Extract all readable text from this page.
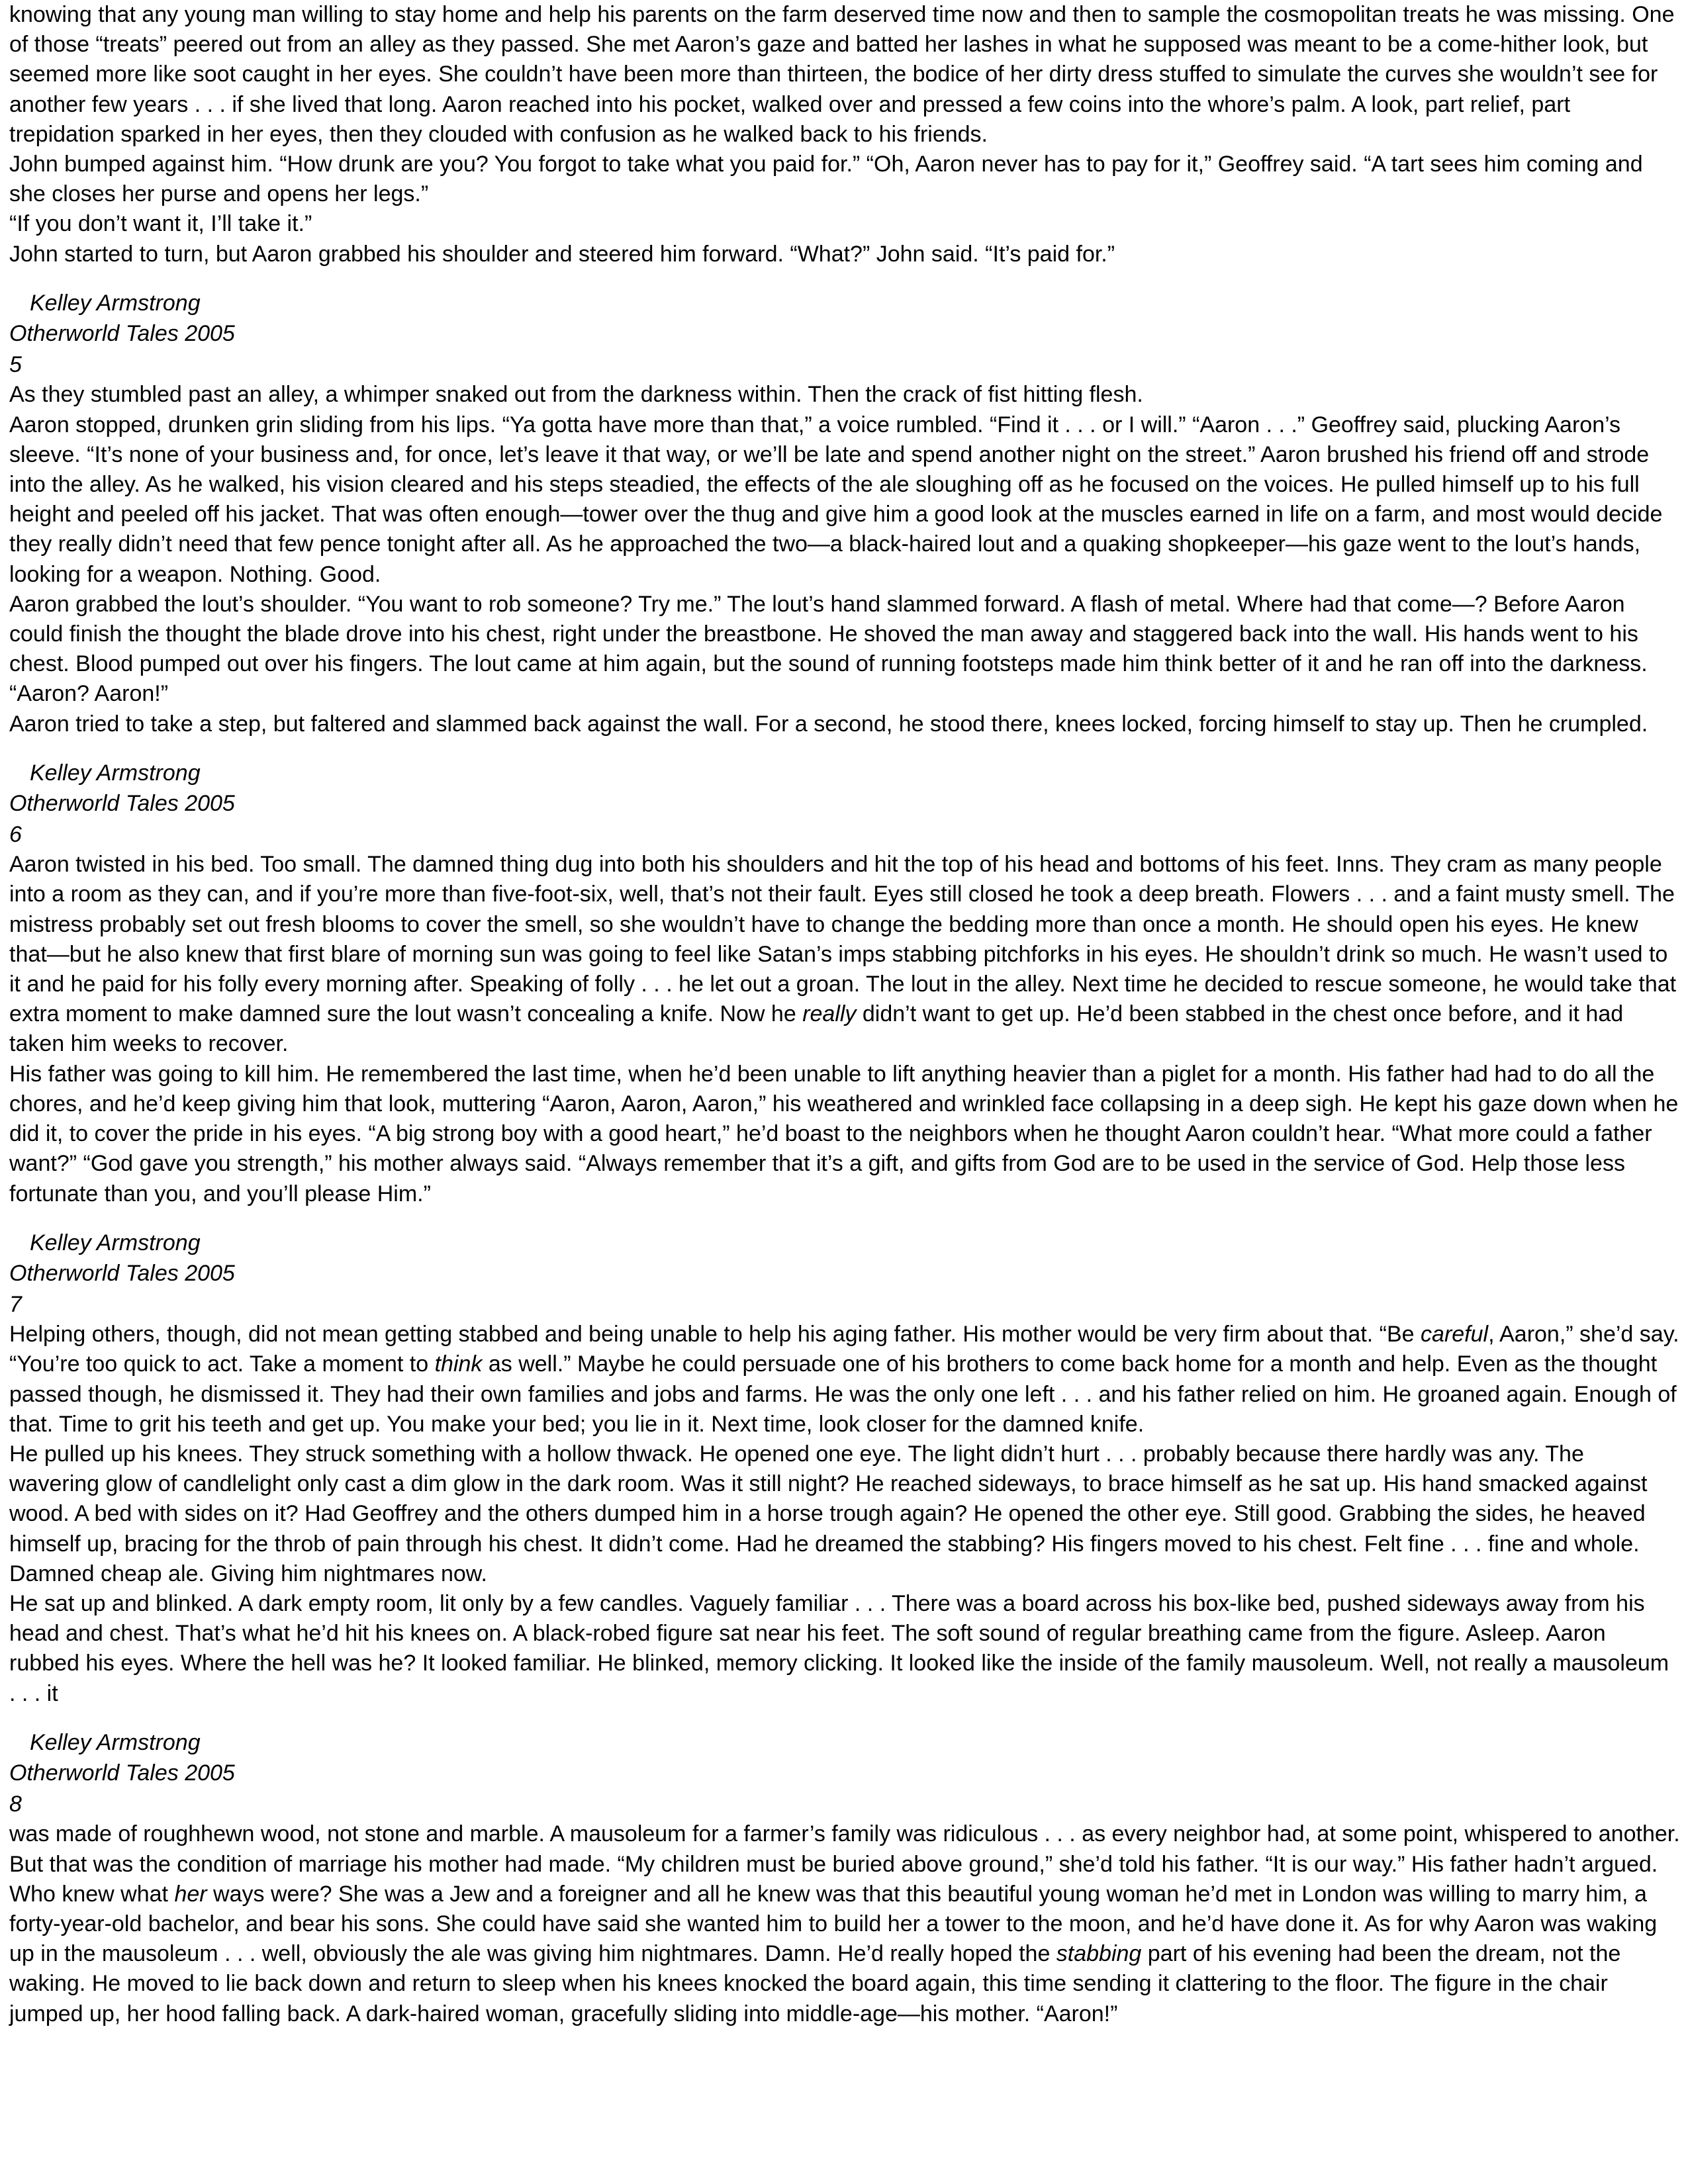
knowing that any young man willing to stay home and help his parents on the farm deserved time now and then to sample the cosmopolitan treats he was missing. One of those “treats” peered out from an alley as they passed. She met Aaron’s gaze and batted her lashes in what he supposed was meant to be a come-hither look, but seemed more like soot caught in her eyes. She couldn’t have been more than thirteen, the bodice of her dirty dress stuffed to simulate the curves she wouldn’t see for another few years . . . if she lived that long. Aaron reached into his pocket, walked over and pressed a few coins into the whore’s palm. A look, part relief, part trepidation sparked in her eyes, then they clouded with confusion as he walked back to his friends.
John bumped against him. “How drunk are you? You forgot to take what you paid for.” “Oh, Aaron never has to pay for it,” Geoffrey said. “A tart sees him coming and she closes her purse and opens her legs.”
“If you don’t want it, I’ll take it.”
John started to turn, but Aaron grabbed his shoulder and steered him forward. “What?” John said. “It’s paid for.”
Kelley Armstrong
Otherworld Tales 2005
5
As they stumbled past an alley, a whimper snaked out from the darkness within. Then the crack of fist hitting flesh.
Aaron stopped, drunken grin sliding from his lips. “Ya gotta have more than that,” a voice rumbled. “Find it . . . or I will.” “Aaron . . .” Geoffrey said, plucking Aaron’s sleeve. “It’s none of your business and, for once, let’s leave it that way, or we’ll be late and spend another night on the street.” Aaron brushed his friend off and strode into the alley. As he walked, his vision cleared and his steps steadied, the effects of the ale sloughing off as he focused on the voices. He pulled himself up to his full height and peeled off his jacket. That was often enough—tower over the thug and give him a good look at the muscles earned in life on a farm, and most would decide they really didn’t need that few pence tonight after all. As he approached the two—a black-haired lout and a quaking shopkeeper—his gaze went to the lout’s hands, looking for a weapon. Nothing. Good.
Aaron grabbed the lout’s shoulder. “You want to rob someone? Try me.” The lout’s hand slammed forward. A flash of metal. Where had that come—? Before Aaron could finish the thought the blade drove into his chest, right under the breastbone. He shoved the man away and staggered back into the wall. His hands went to his chest. Blood pumped out over his fingers. The lout came at him again, but the sound of running footsteps made him think better of it and he ran off into the darkness. “Aaron? Aaron!”
Aaron tried to take a step, but faltered and slammed back against the wall. For a second, he stood there, knees locked, forcing himself to stay up. Then he crumpled.
Kelley Armstrong
Otherworld Tales 2005
6
Aaron twisted in his bed. Too small. The damned thing dug into both his shoulders and hit the top of his head and bottoms of his feet. Inns. They cram as many people into a room as they can, and if you’re more than five-foot-six, well, that’s not their fault. Eyes still closed he took a deep breath. Flowers . . . and a faint musty smell. The mistress probably set out fresh blooms to cover the smell, so she wouldn’t have to change the bedding more than once a month. He should open his eyes. He knew that—but he also knew that first blare of morning sun was going to feel like Satan’s imps stabbing pitchforks in his eyes. He shouldn’t drink so much. He wasn’t used to it and he paid for his folly every morning after. Speaking of folly . . . he let out a groan. The lout in the alley. Next time he decided to rescue someone, he would take that extra moment to make damned sure the lout wasn’t concealing a knife. Now he really didn’t want to get up. He’d been stabbed in the chest once before, and it had taken him weeks to recover.
His father was going to kill him. He remembered the last time, when he’d been unable to lift anything heavier than a piglet for a month. His father had had to do all the chores, and he’d keep giving him that look, muttering “Aaron, Aaron, Aaron,” his weathered and wrinkled face collapsing in a deep sigh. He kept his gaze down when he did it, to cover the pride in his eyes. “A big strong boy with a good heart,” he’d boast to the neighbors when he thought Aaron couldn’t hear. “What more could a father want?” “God gave you strength,” his mother always said. “Always remember that it’s a gift, and gifts from God are to be used in the service of God. Help those less fortunate than you, and you’ll please Him.”
Kelley Armstrong
Otherworld Tales 2005
7
Helping others, though, did not mean getting stabbed and being unable to help his aging father. His mother would be very firm about that. “Be careful, Aaron,” she’d say. “You’re too quick to act. Take a moment to think as well.” Maybe he could persuade one of his brothers to come back home for a month and help. Even as the thought passed though, he dismissed it. They had their own families and jobs and farms. He was the only one left . . . and his father relied on him. He groaned again. Enough of that. Time to grit his teeth and get up. You make your bed; you lie in it. Next time, look closer for the damned knife.
He pulled up his knees. They struck something with a hollow thwack. He opened one eye. The light didn’t hurt . . . probably because there hardly was any. The wavering glow of candlelight only cast a dim glow in the dark room. Was it still night? He reached sideways, to brace himself as he sat up. His hand smacked against wood. A bed with sides on it? Had Geoffrey and the others dumped him in a horse trough again? He opened the other eye. Still good. Grabbing the sides, he heaved himself up, bracing for the throb of pain through his chest. It didn’t come. Had he dreamed the stabbing? His fingers moved to his chest. Felt fine . . . fine and whole. Damned cheap ale. Giving him nightmares now.
He sat up and blinked. A dark empty room, lit only by a few candles. Vaguely familiar . . . There was a board across his box-like bed, pushed sideways away from his head and chest. That’s what he’d hit his knees on. A black-robed figure sat near his feet. The soft sound of regular breathing came from the figure. Asleep. Aaron rubbed his eyes. Where the hell was he? It looked familiar. He blinked, memory clicking. It looked like the inside of the family mausoleum. Well, not really a mausoleum . . . it
Kelley Armstrong
Otherworld Tales 2005
8
was made of roughhewn wood, not stone and marble. A mausoleum for a farmer’s family was ridiculous . . . as every neighbor had, at some point, whispered to another. But that was the condition of marriage his mother had made. “My children must be buried above ground,” she’d told his father. “It is our way.” His father hadn’t argued. Who knew what her ways were? She was a Jew and a foreigner and all he knew was that this beautiful young woman he’d met in London was willing to marry him, a forty-year-old bachelor, and bear his sons. She could have said she wanted him to build her a tower to the moon, and he’d have done it. As for why Aaron was waking up in the mausoleum . . . well, obviously the ale was giving him nightmares. Damn. He’d really hoped the stabbing part of his evening had been the dream, not the waking. He moved to lie back down and return to sleep when his knees knocked the board again, this time sending it clattering to the floor. The figure in the chair jumped up, her hood falling back. A dark-haired woman, gracefully sliding into middle-age—his mother. “Aaron!”
